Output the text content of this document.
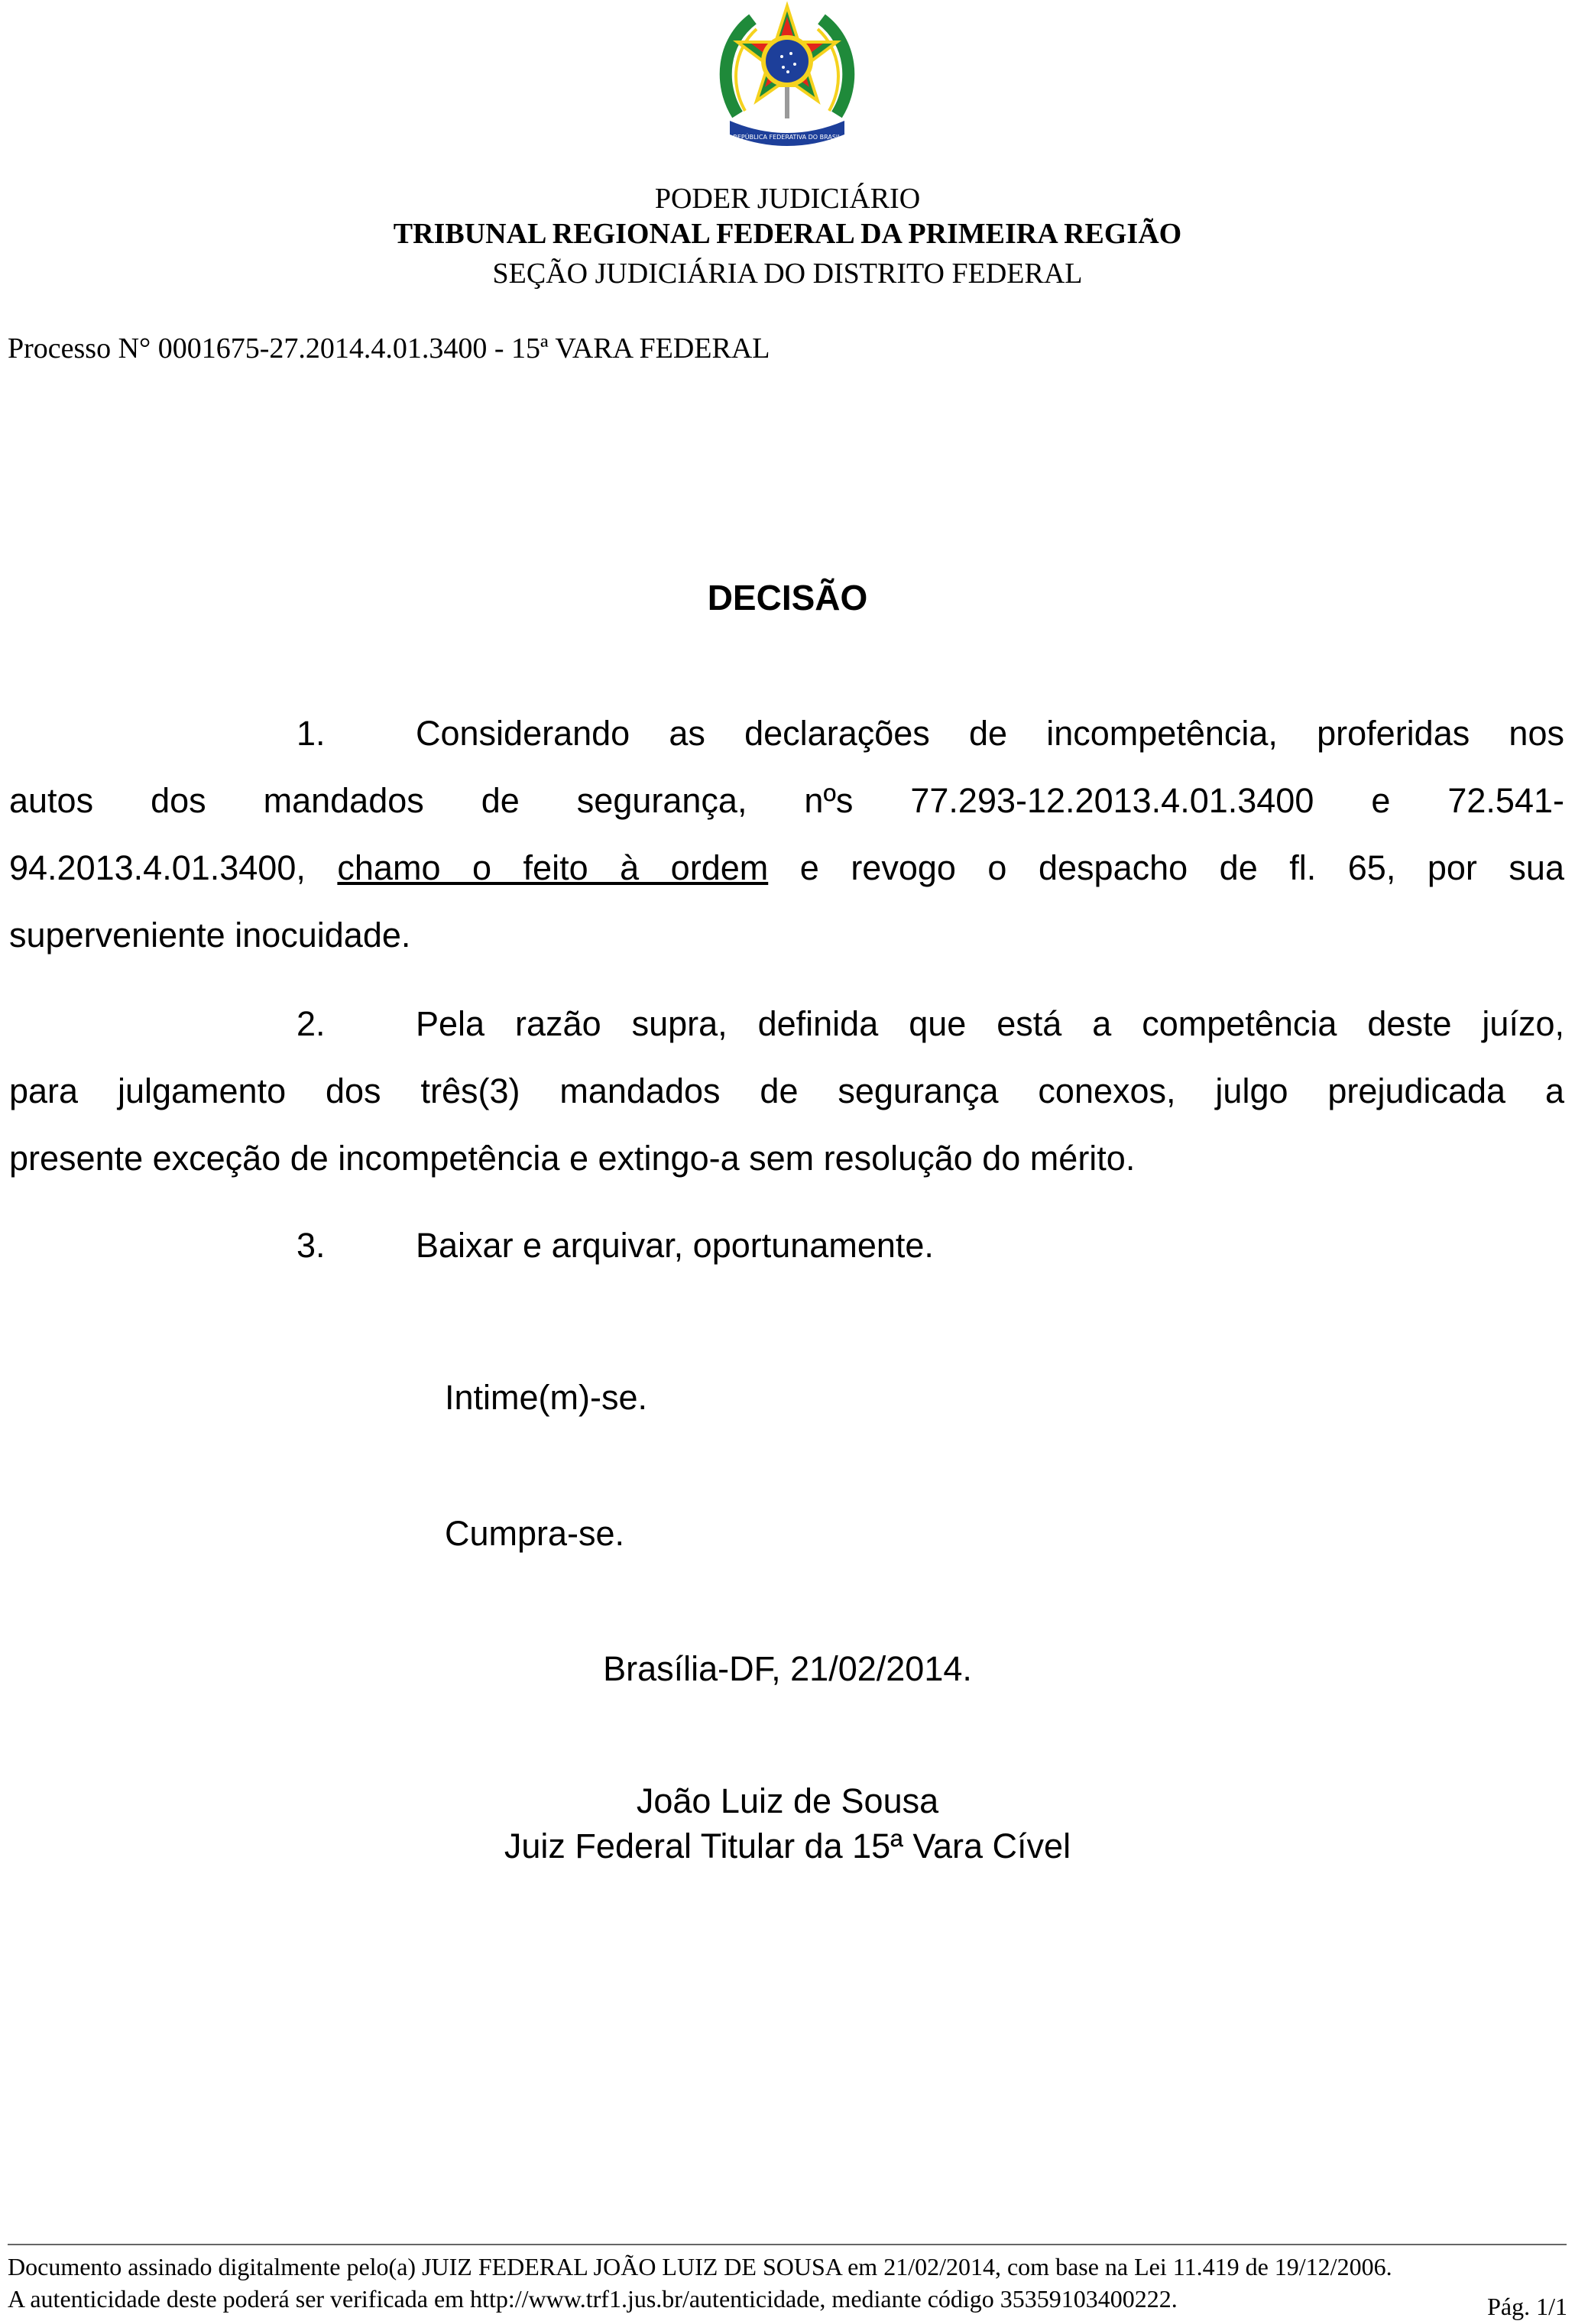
REPÚBLICA FEDERATIVA DO BRASIL
PODER JUDICIÁRIO
TRIBUNAL REGIONAL FEDERAL DA PRIMEIRA REGIÃO
SEÇÃO JUDICIÁRIA DO DISTRITO FEDERAL
Processo N° 0001675-27.2014.4.01.3400 - 15ª VARA FEDERAL
DECISÃO
1.	Considerando as declarações de incompetência, proferidas nos
autos dos mandados de segurança, nºs 77.293-12.2013.4.01.3400 e 72.541-
94.2013.4.01.3400, chamo o feito à ordem e revogo o despacho de fl. 65, por sua
superveniente inocuidade.
2.	Pela razão supra, definida que está a competência deste juízo,
para julgamento dos três(3) mandados de segurança conexos, julgo prejudicada a
presente exceção de incompetência e extingo-a sem resolução do mérito.
3.	Baixar e arquivar, oportunamente.
Intime(m)-se.
Cumpra-se.
Brasília-DF, 21/02/2014.
João Luiz de Sousa
Juiz Federal Titular da 15ª Vara Cível
Documento assinado digitalmente pelo(a) JUIZ FEDERAL JOÃO LUIZ DE SOUSA em 21/02/2014, com base na Lei 11.419 de 19/12/2006.
A autenticidade deste poderá ser verificada em http://www.trf1.jus.br/autenticidade, mediante código 35359103400222.	Pág. 1/1
